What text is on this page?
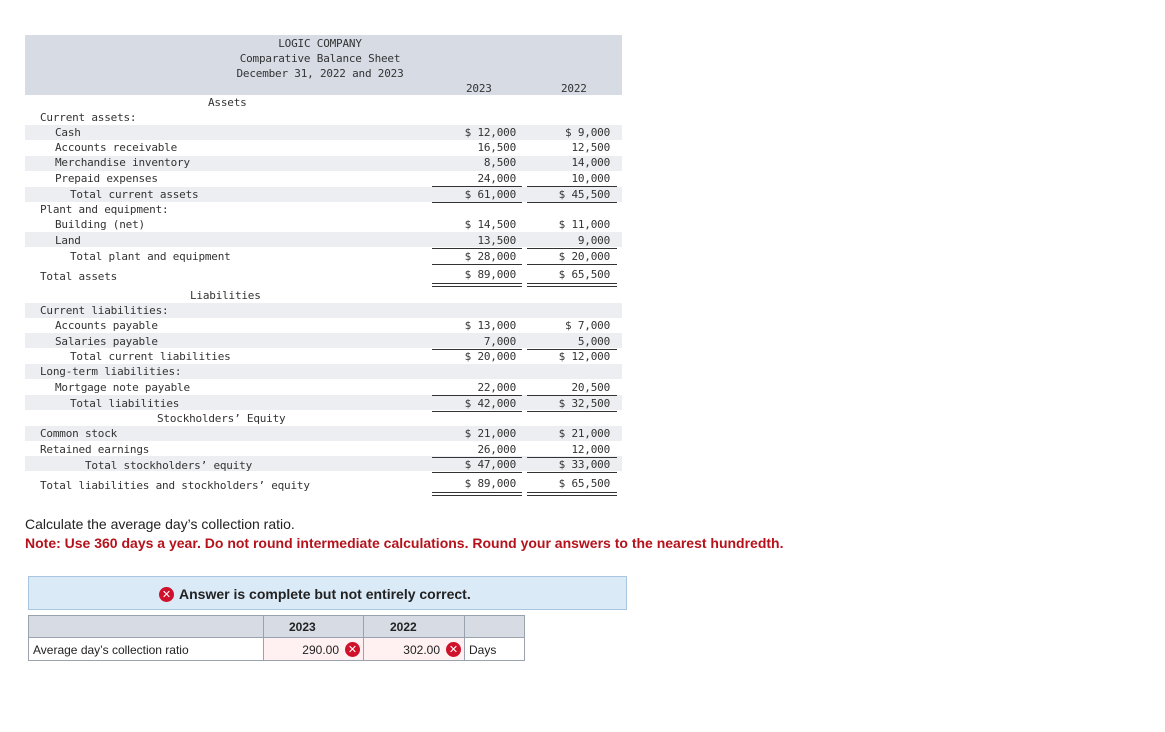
LOGIC COMPANY
Comparative Balance Sheet
December 31, 2022 and 2023
2023	2022
Assets
Current assets:
Cash	$ 12,000	$ 9,000
Accounts receivable	16,500	12,500
Merchandise inventory	8,500	14,000
Prepaid expenses	24,000	10,000
Total current assets	$ 61,000	$ 45,500
Plant and equipment:
Building (net)	$ 14,500	$ 11,000
Land	13,500	9,000
Total plant and equipment	$ 28,000	$ 20,000
Total assets	$ 89,000	$ 65,500
Liabilities
Current liabilities:
Accounts payable	$ 13,000	$ 7,000
Salaries payable	7,000	5,000
Total current liabilities	$ 20,000	$ 12,000
Long-term liabilities:
Mortgage note payable	22,000	20,500
Total liabilities	$ 42,000	$ 32,500
Stockholders’ Equity
Common stock	$ 21,000	$ 21,000
Retained earnings	26,000	12,000
Total stockholders’ equity	$ 47,000	$ 33,000
Total liabilities and stockholders’ equity	$ 89,000	$ 65,500
Calculate the average day’s collection ratio.
Note: Use 360 days a year. Do not round intermediate calculations. Round your answers to the nearest hundredth.
✕ Answer is complete but not entirely correct.
2023	2022
Average day’s collection ratio	290.00 ✕	302.00 ✕ Days
